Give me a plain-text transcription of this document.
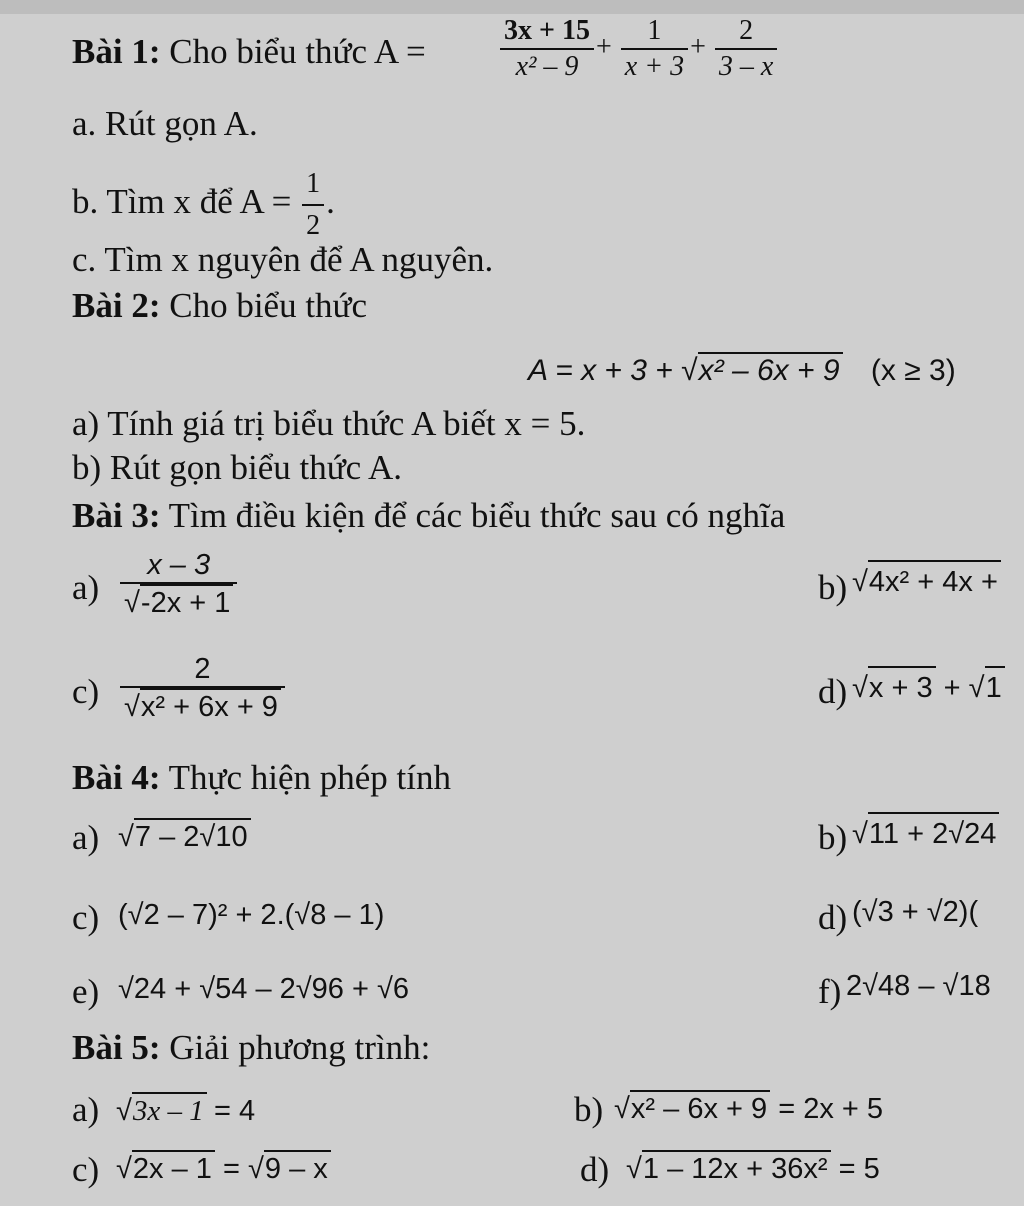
Bài 1: Cho biểu thức A =	$\frac{3x + 15}{\text{x² – 9}} + \frac{1}{x + 3} + \frac{2}{3 - x}$
a. Rút gọn A.
b. Tìm x để $A = \frac{1}{2}$ .
c. Tìm x nguyên để A nguyên.
Bài 2: Cho biểu thức
A = x + 3 + √x² – 6x + 9 (x ≥ 3)
a) Tính giá trị biểu thức A biết x = 5.
b) Rút gọn biểu thức A.
Bài 3: Tìm điều kiện để các biểu thức sau có nghĩa
$a) \frac{x - 3}{√-2x + 1}$	b) √4x² + 4x +
$c) \frac{2}{\text{√x² + 6x + 9}}$	d) √x + 3 + √1
Bài 4: Thực hiện phép tính
a) √7 – 2√10	b) √11 + 2√24
c) (√2 – 7)² + 2.(√8 – 1)	d) (√3 + √2)(
e) √24 + √54 – 2√96 + √6	f) 2√48 – √18
Bài 5: Giải phương trình:
a) √3x – 1 = 4	b) √x² – 6x + 9 = 2x + 5
c) √2x – 1 = √9 – x	d) √1 – 12x + 36x² = 5
